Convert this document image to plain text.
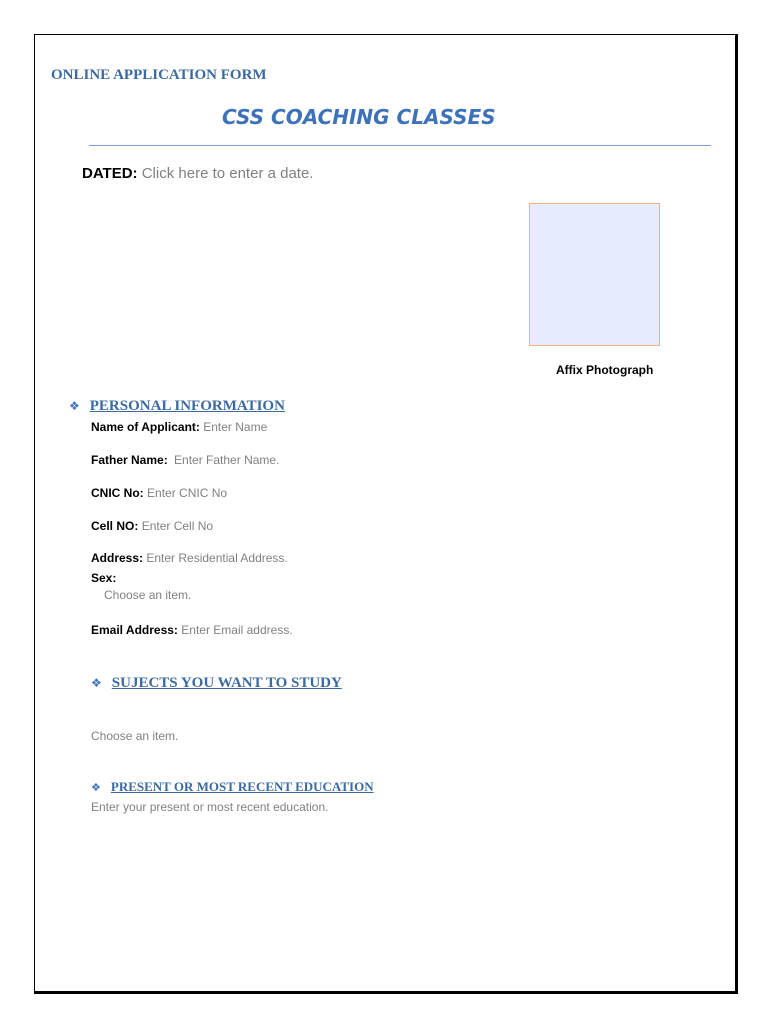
ONLINE APPLICATION FORM
CSS COACHING CLASSES
DATED: Click here to enter a date.
Affix Photograph
❖ PERSONAL INFORMATION
Name of Applicant: Enter Name
Father Name: Enter Father Name.
CNIC No: Enter CNIC No
Cell NO: Enter Cell No
Address: Enter Residential Address.
Sex:
Choose an item.
Email Address: Enter Email address.
❖ SUJECTS YOU WANT TO STUDY
Choose an item.
❖ PRESENT OR MOST RECENT EDUCATION
Enter your present or most recent education.
